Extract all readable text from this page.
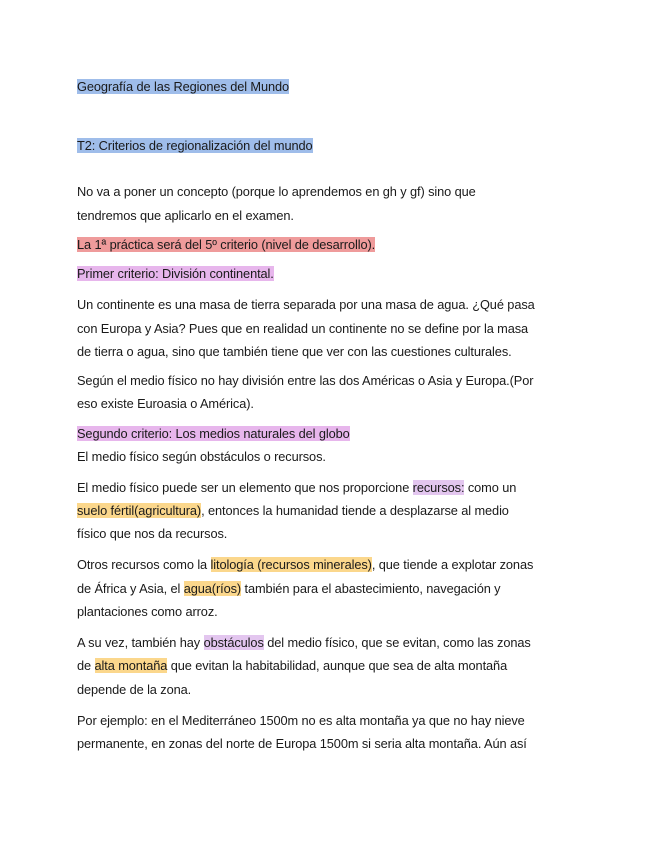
Geografía de las Regiones del Mundo

T2: Criterios de regionalización del mundo

No va a poner un concepto (porque lo aprendemos en gh y gf) sino que

tendremos que aplicarlo en el examen.

La 1ª práctica será del 5º criterio (nivel de desarrollo).

Primer criterio: División continental.

Un continente es una masa de tierra separada por una masa de agua. ¿Qué pasa

con Europa y Asia? Pues que en realidad un continente no se define por la masa

de tierra o agua, sino que también tiene que ver con las cuestiones culturales.

Según el medio físico no hay división entre las dos Américas o Asia y Europa.(Por

eso existe Euroasia o América).

Segundo criterio: Los medios naturales del globo

El medio físico según obstáculos o recursos.

El medio físico puede ser un elemento que nos proporcione recursos: como un

suelo fértil(agricultura), entonces la humanidad tiende a desplazarse al medio

físico que nos da recursos.

Otros recursos como la litología (recursos minerales), que tiende a explotar zonas

de África y Asia, el agua(ríos) también para el abastecimiento, navegación y

plantaciones como arroz.

A su vez, también hay obstáculos del medio físico, que se evitan, como las zonas

de alta montaña que evitan la habitabilidad, aunque que sea de alta montaña

depende de la zona.

Por ejemplo: en el Mediterráneo 1500m no es alta montaña ya que no hay nieve

permanente, en zonas del norte de Europa 1500m si seria alta montaña. Aún así
